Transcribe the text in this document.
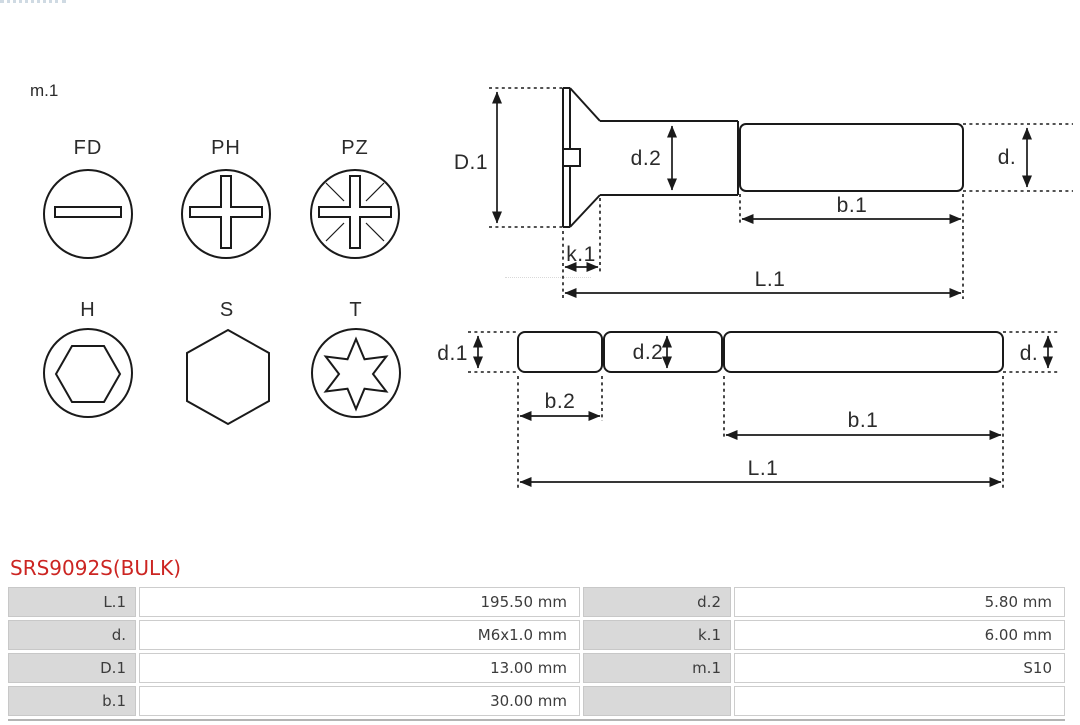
m.1
FD	PH	PZ
H	S	T
D.1	d.2	d.
b.1
k.1
L.1
d.1	d.2	d.
b.2
b.1
L.1
SRS9092S(BULK)
L.1	195.50 mm	d.2	5.80 mm
d.	M6x1.0 mm	k.1	6.00 mm
D.1	13.00 mm	m.1	S10
b.1	30.00 mm
